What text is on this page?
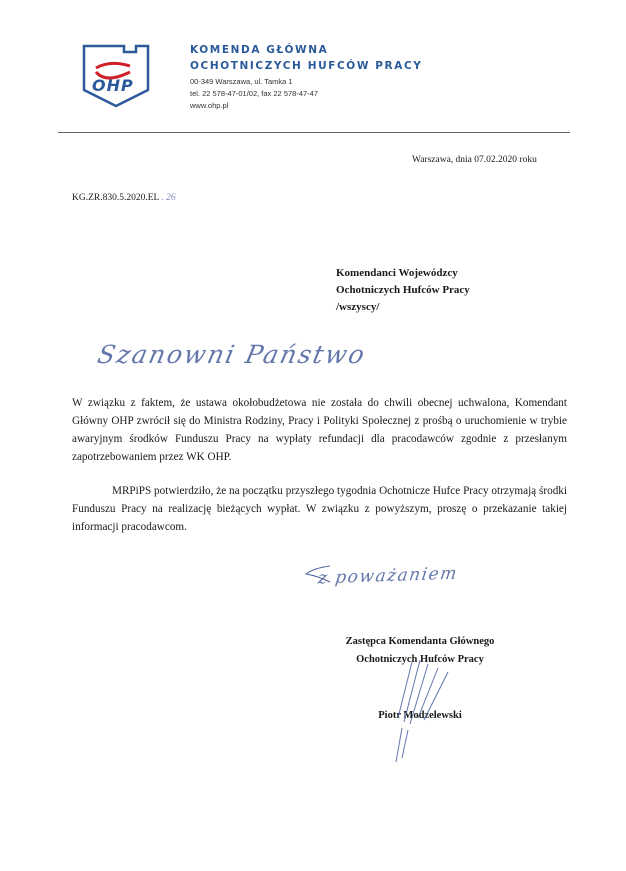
OHP
KOMENDA GŁÓWNA
OCHOTNICZYCH HUFCÓW PRACY
00-349 Warszawa, ul. Tamka 1
tel. 22 578-47-01/02, fax 22 578-47-47
www.ohp.pl
Warszawa, dnia 07.02.2020 roku
KG.ZR.830.5.2020.EL . 26
Komendanci Wojewódzcy
Ochotniczych Hufców Pracy
/wszyscy/
Szanowni Państwo
W związku z faktem, że ustawa okołobudżetowa nie została do chwili obecnej uchwalona, Komendant Główny OHP zwrócił się do Ministra Rodziny, Pracy i Polityki Społecznej z prośbą o uruchomienie w trybie awaryjnym środków Funduszu Pracy na wypłaty refundacji dla pracodawców zgodnie z przesłanym zapotrzebowaniem przez WK OHP.
MRPiPS potwierdziło, że na początku przyszłego tygodnia Ochotnicze Hufce Pracy otrzymają środki Funduszu Pracy na realizację bieżących wypłat. W związku z powyższym, proszę o przekazanie takiej informacji pracodawcom.
z poważaniem
Zastępca Komendanta Głównego
Ochotniczych Hufców Pracy
Piotr Modzelewski
